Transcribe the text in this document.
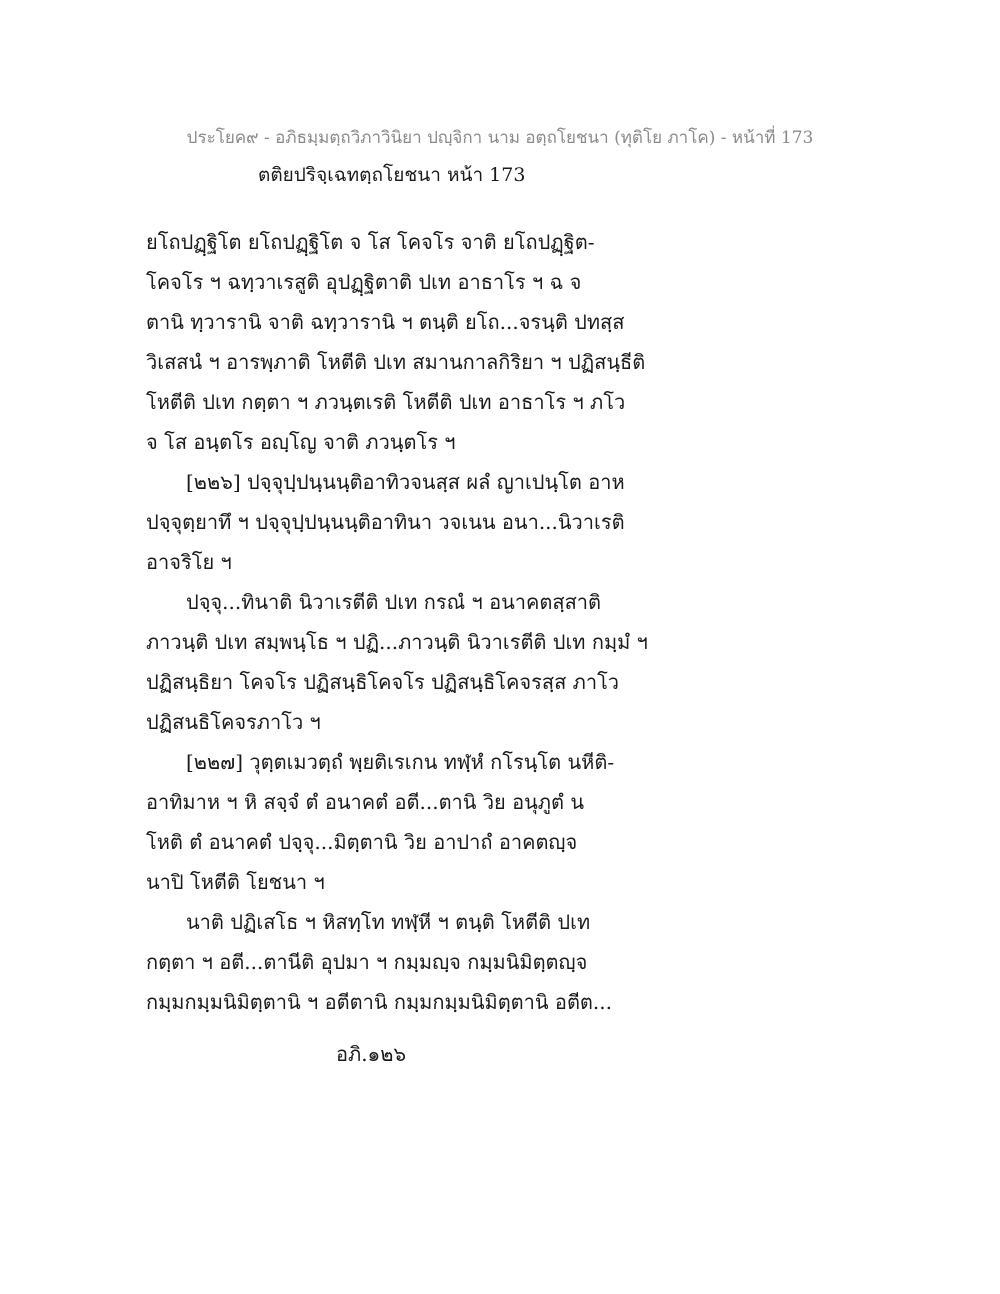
ประโยค๙ - อภิธมฺมตฺถวิภาวินิยา ปญฺจิกา นาม อตฺถโยชนา (ทุติโย ภาโค) - หน้าที่ 173
ตติยปริจฺเฉทตฺถโยชนา หน้า 173
ยโถปฏฺฐิโต ยโถปฏฺฐิโต จ โส โคจโร จาติ ยโถปฏฺฐิต-
โคจโร ฯ ฉทฺวาเรสูติ อุปฏฺฐิตาติ ปเท อาธาโร ฯ ฉ จ
ตานิ ทฺวารานิ จาติ ฉทฺวารานิ ฯ ตนฺติ ยโถ...จรนฺติ ปทสฺส
วิเสสนํ ฯ อารพฺภาติ โหตีติ ปเท สมานกาลกิริยา ฯ ปฏิสนฺธีติ
โหตีติ ปเท กตฺตา ฯ ภวนฺตเรติ โหตีติ ปเท อาธาโร ฯ ภโว
จ โส อนฺตโร อญฺโญ จาติ ภวนฺตโร ฯ
[๒๒๖] ปจฺจุปฺปนฺนนฺติอาทิวจนสฺส ผลํ ญาเปนฺโต อาห
ปจฺจุตฺยาทึ ฯ ปจฺจุปฺปนฺนนฺติอาทินา วจเนน อนา...นิวาเรติ
อาจริโย ฯ
ปจฺจุ...ทินาติ นิวาเรตีติ ปเท กรณํ ฯ อนาคตสฺสาติ
ภาวนฺติ ปเท สมฺพนฺโธ ฯ ปฏิ...ภาวนฺติ นิวาเรตีติ ปเท กมฺมํ ฯ
ปฏิสนฺธิยา โคจโร ปฏิสนฺธิโคจโร ปฏิสนฺธิโคจรสฺส ภาโว
ปฏิสนธิโคจรภาโว ฯ
[๒๒๗] วุตฺตเมวตฺถํ พฺยติเรเกน ทฬฺหํ กโรนฺโต นหีติ-
อาทิมาห ฯ หิ สจฺจํ ตํ อนาคตํ อตี...ตานิ วิย อนุภูตํ น
โหติ ตํ อนาคตํ ปจฺจุ...มิตฺตานิ วิย อาปาถํ อาคตญฺจ
นาปิ โหตีติ โยชนา ฯ
นาติ ปฏิเสโธ ฯ หิสทฺโท ทฬฺหี ฯ ตนฺติ โหตีติ ปเท
กตฺตา ฯ อตี...ตานีติ อุปมา ฯ กมฺมญฺจ กมฺมนิมิตฺตญฺจ
กมฺมกมฺมนิมิตฺตานิ ฯ อตีตานิ กมฺมกมฺมนิมิตฺตานิ อตีต...
อภิ.๑๒๖
